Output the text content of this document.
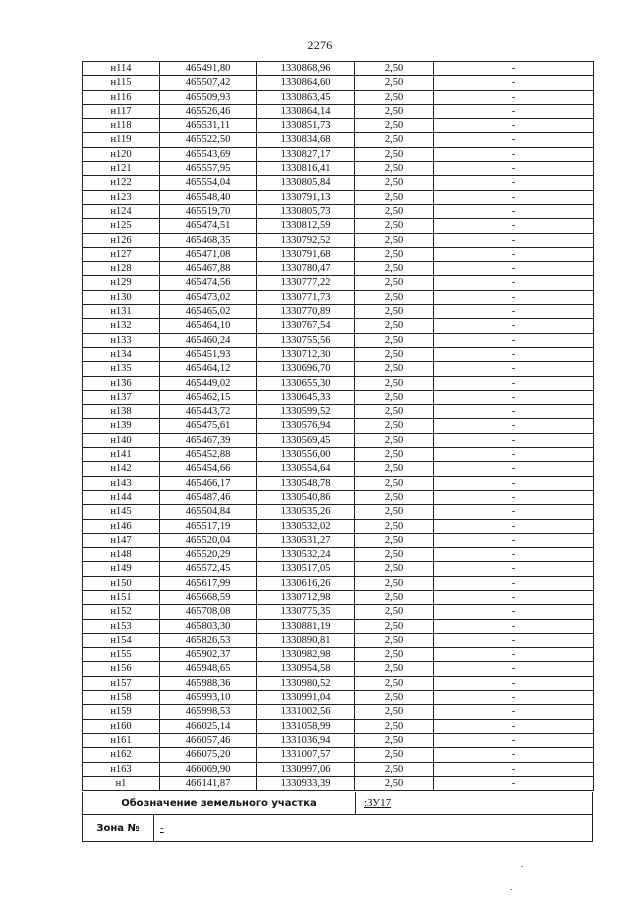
2276
н114	465491,80	1330868,96	2,50	-
н115	465507,42	1330864,60	2,50	-
н116	465509,93	1330863,45	2,50	-
н117	465526,46	1330864,14	2,50	-
н118	465531,11	1330851,73	2,50	-
н119	465522,50	1330834,68	2,50	-
н120	465543,69	1330827,17	2,50	-
н121	465557,95	1330816,41	2,50	-
н122	465554,04	1330805,84	2,50	-
н123	465548,40	1330791,13	2,50	-
н124	465519,70	1330805,73	2,50	-
н125	465474,51	1330812,59	2,50	-
н126	465468,35	1330792,52	2,50	-
н127	465471,08	1330791,68	2,50	-
н128	465467,88	1330780,47	2,50	-
н129	465474,56	1330777,22	2,50	-
н130	465473,02	1330771,73	2,50	-
н131	465465,02	1330770,89	2,50	-
н132	465464,10	1330767,54	2,50	-
н133	465460,24	1330755,56	2,50	-
н134	465451,93	1330712,30	2,50	-
н135	465464,12	1330696,70	2,50	-
н136	465449,02	1330655,30	2,50	-
н137	465462,15	1330645,33	2,50	-
н138	465443,72	1330599,52	2,50	-
н139	465475,61	1330576,94	2,50	-
н140	465467,39	1330569,45	2,50	-
н141	465452,88	1330556,00	2,50	-
н142	465454,66	1330554,64	2,50	-
н143	465466,17	1330548,78	2,50	-
н144	465487,46	1330540,86	2,50	-
н145	465504,84	1330535,26	2,50	-
н146	465517,19	1330532,02	2,50	-
н147	465520,04	1330531,27	2,50	-
н148	465520,29	1330532,24	2,50	-
н149	465572,45	1330517,05	2,50	-
н150	465617,99	1330616,26	2,50	-
н151	465668,59	1330712,98	2,50	-
н152	465708,08	1330775,35	2,50	-
н153	465803,30	1330881,19	2,50	-
н154	465826,53	1330890,81	2,50	-
н155	465902,37	1330982,98	2,50	-
н156	465948,65	1330954,58	2,50	-
н157	465988,36	1330980,52	2,50	-
н158	465993,10	1330991,04	2,50	-
н159	465998,53	1331002,56	2,50	-
н160	466025,14	1331058,99	2,50	-
н161	466057,46	1331036,94	2,50	-
н162	466075,20	1331007,57	2,50	-
н163	466069,90	1330997,06	2,50	-
н1	466141,87	1330933,39	2,50	-
Обозначение земельного участка	:ЗУ17
Зона №	-
